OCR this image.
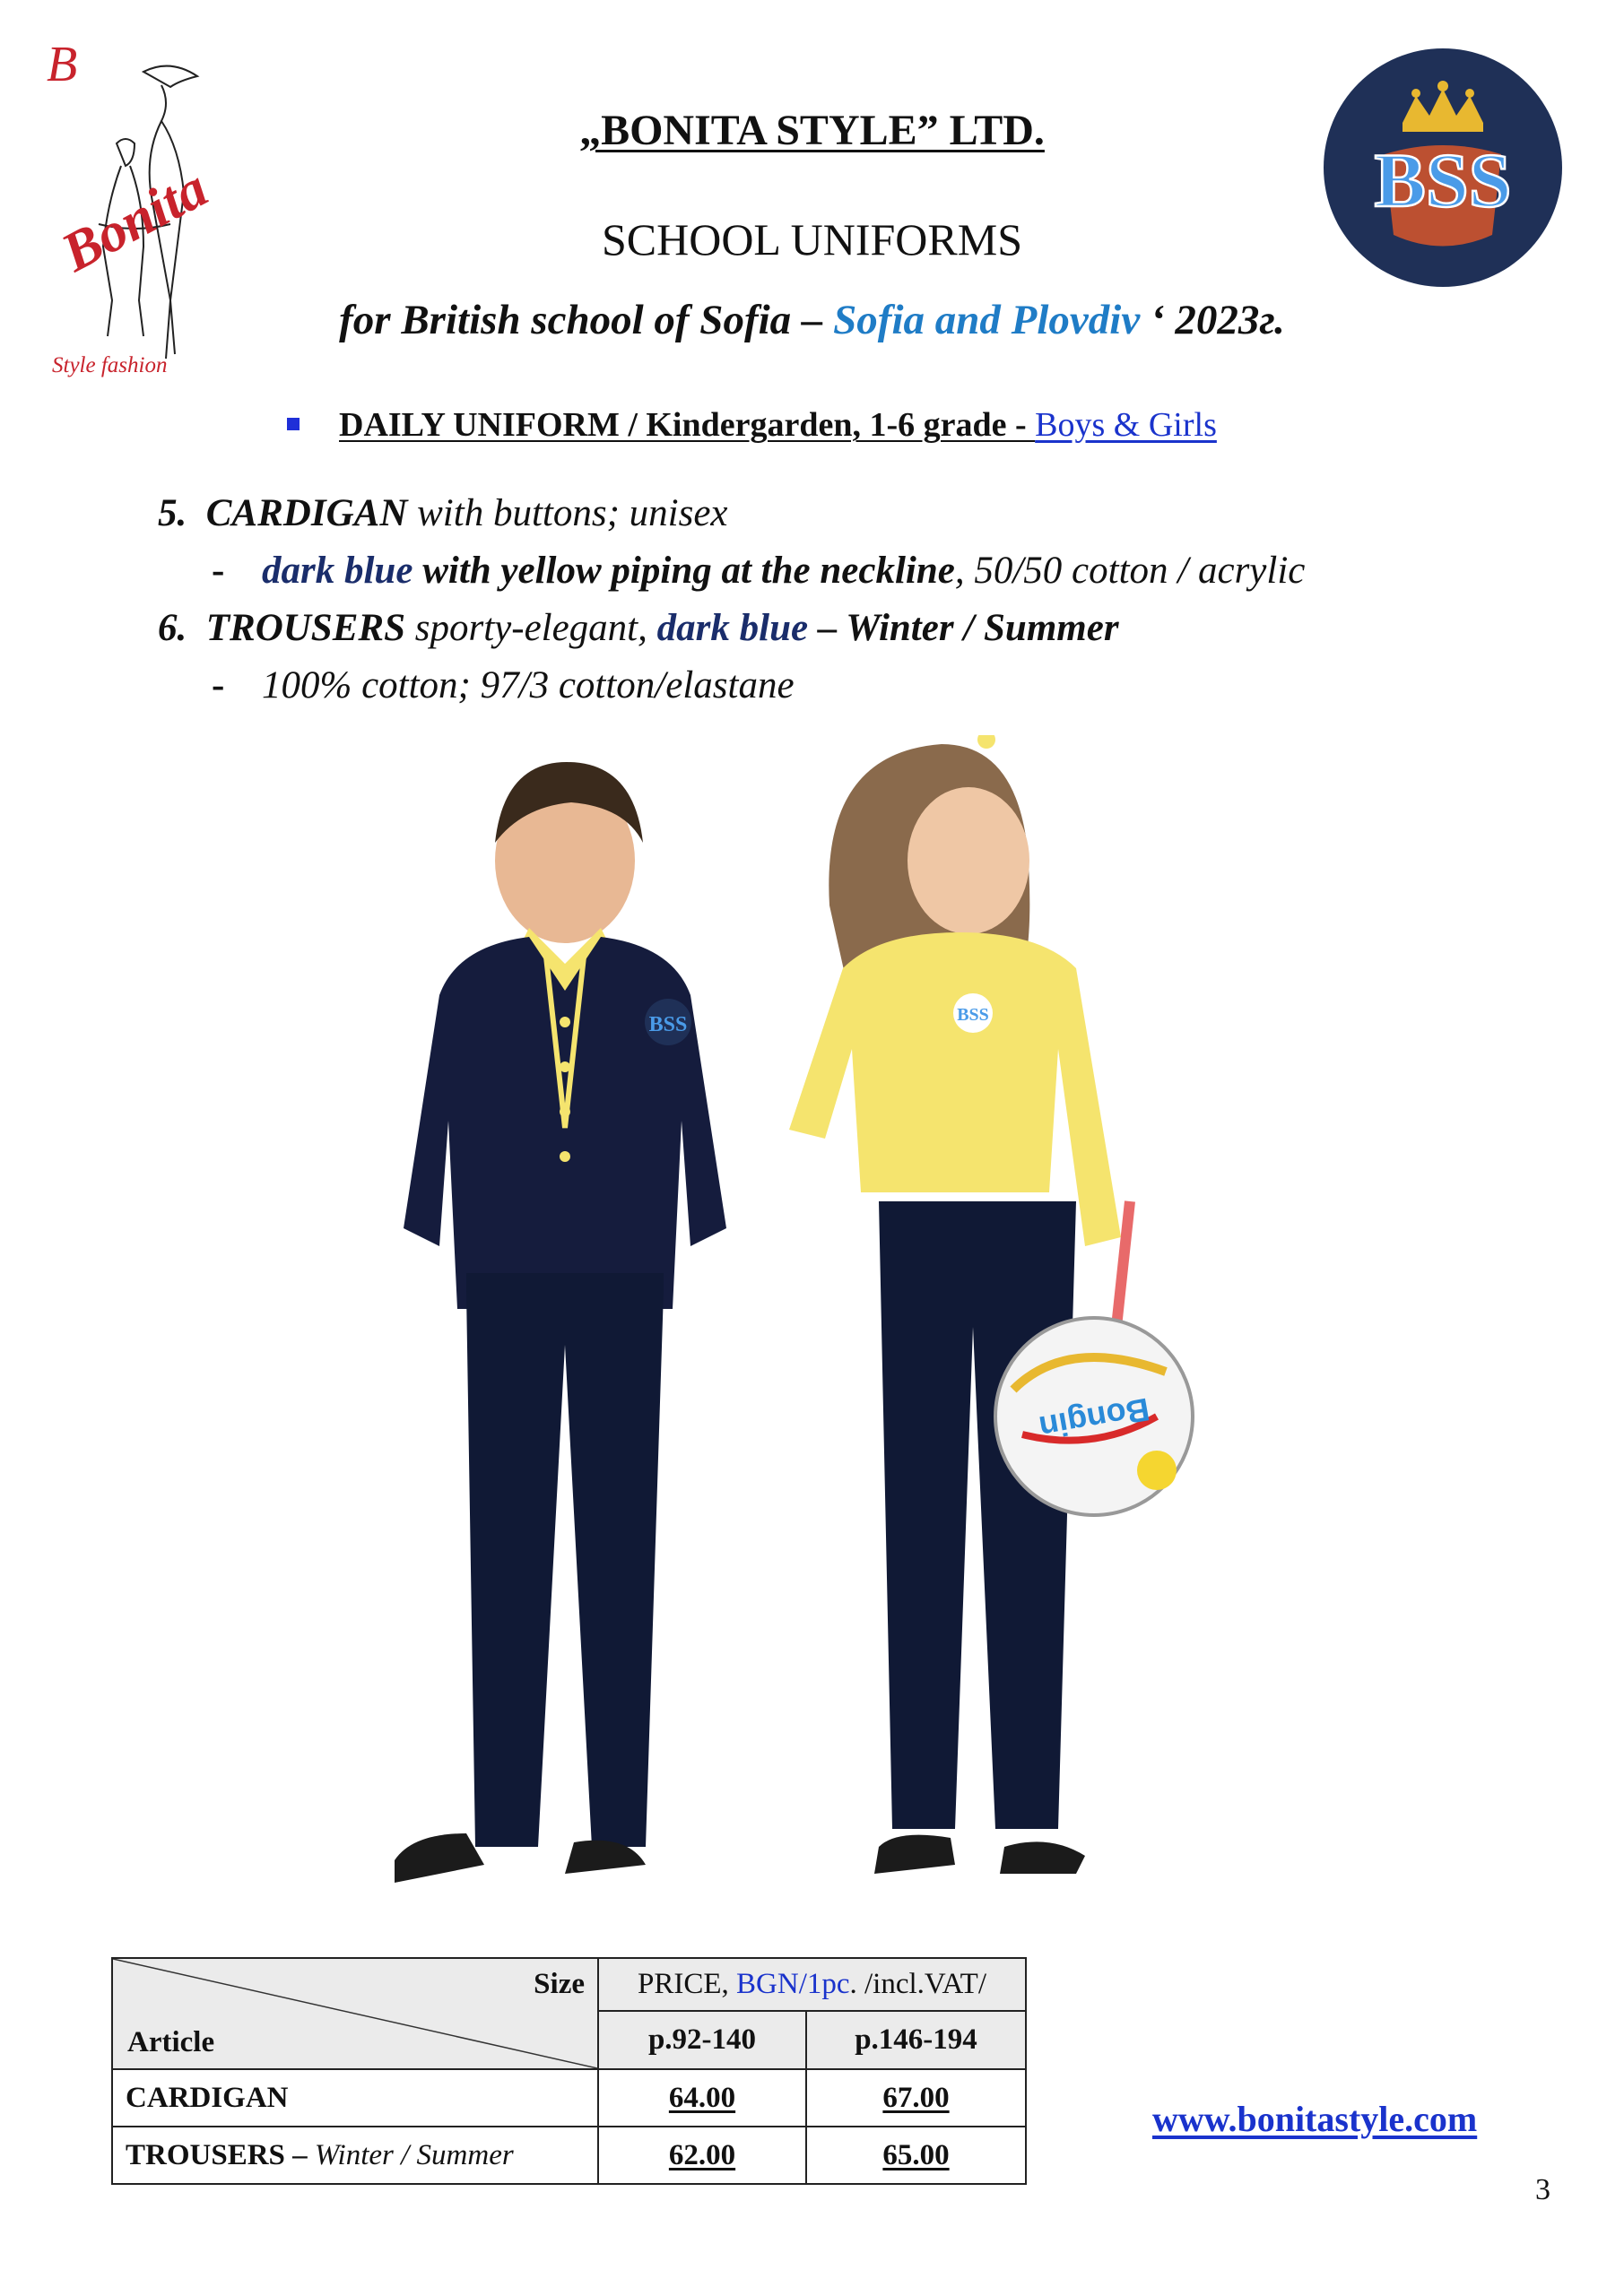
B
Bonita
Style fashion
BSS
„BONITA STYLE” LTD.
SCHOOL UNIFORMS
for British school of Sofia – Sofia and Plovdiv ‘ 2023г.
DAILY UNIFORM / Kindergarden, 1-6 grade - Boys & Girls
5. CARDIGAN with buttons; unisex
- dark blue with yellow piping at the neckline, 50/50 cotton / acrylic
6. TROUSERS sporty-elegant, dark blue – Winter / Summer
- 100% cotton; 97/3 cotton/elastane
BSS	BSS
Bongin
Size
Article	PRICE, BGN/1pc. /incl.VAT/	
	p.92-140	p.146-194
CARDIGAN	64.00	67.00
TROUSERS – Winter / Summer	62.00	65.00
www.bonitastyle.com
3
